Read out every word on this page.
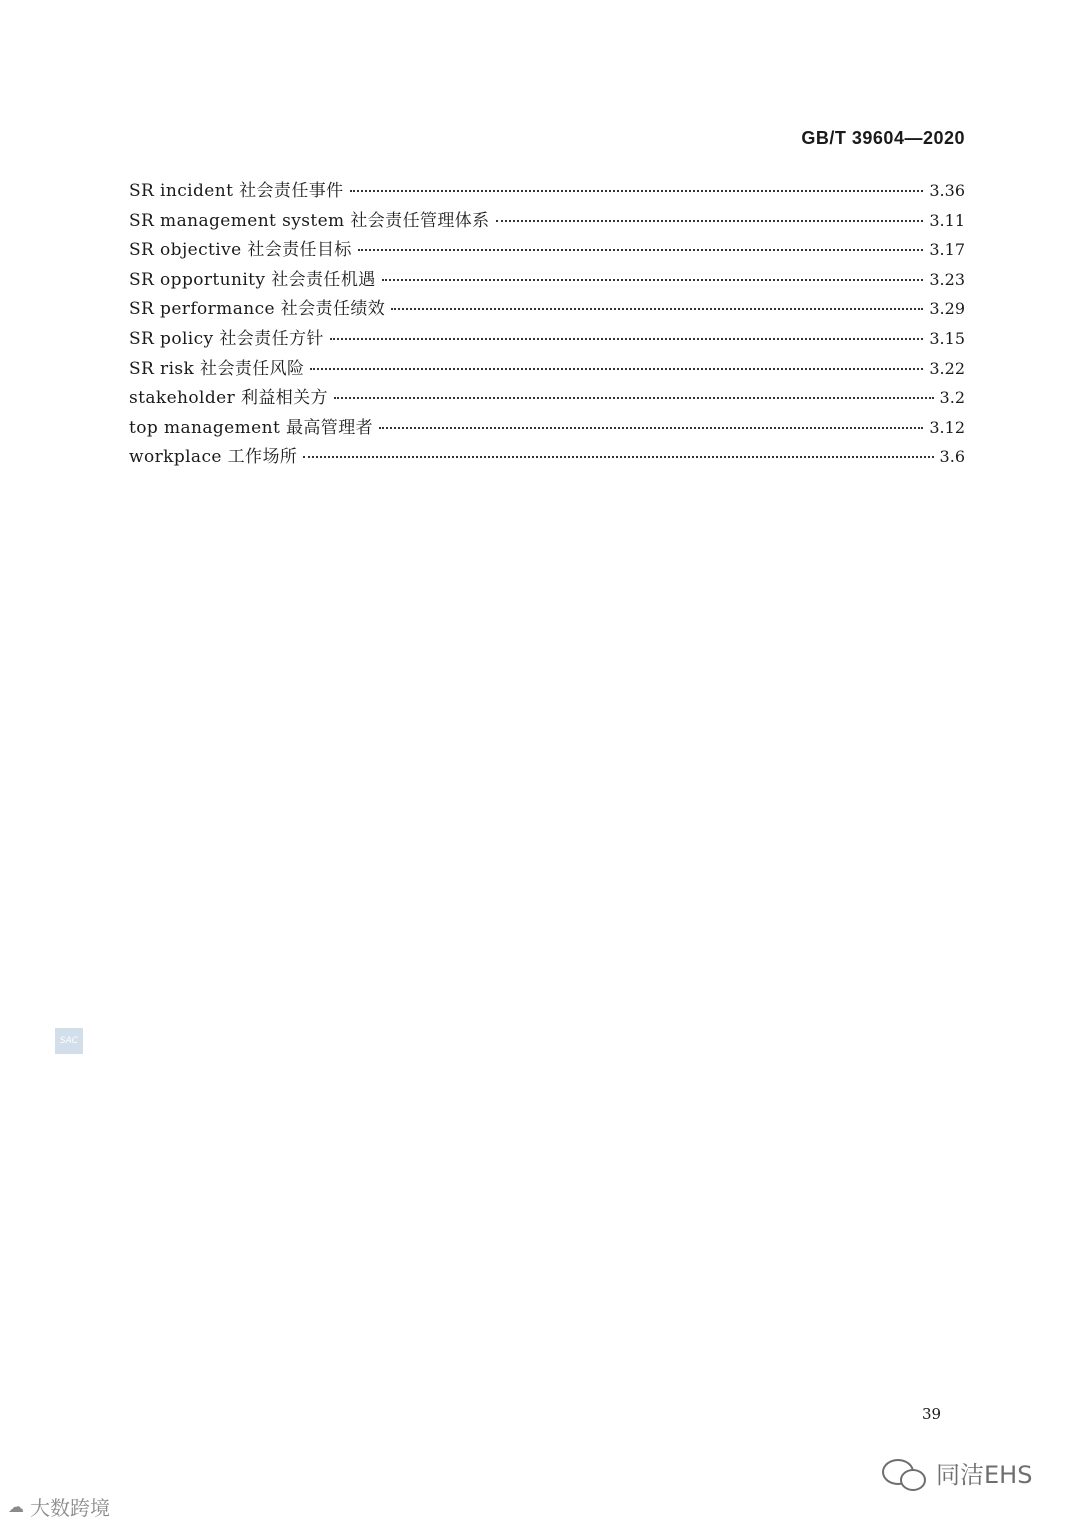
GB/T 39604—2020
SR incident 社会责任事件	3.36
SR management system 社会责任管理体系	3.11
SR objective 社会责任目标	3.17
SR opportunity 社会责任机遇	3.23
SR performance 社会责任绩效	3.29
SR policy 社会责任方针	3.15
SR risk 社会责任风险	3.22
stakeholder 利益相关方	3.2
top management 最高管理者	3.12
workplace 工作场所	3.6
SAC
39
☁ 大数跨境
同洁EHS
